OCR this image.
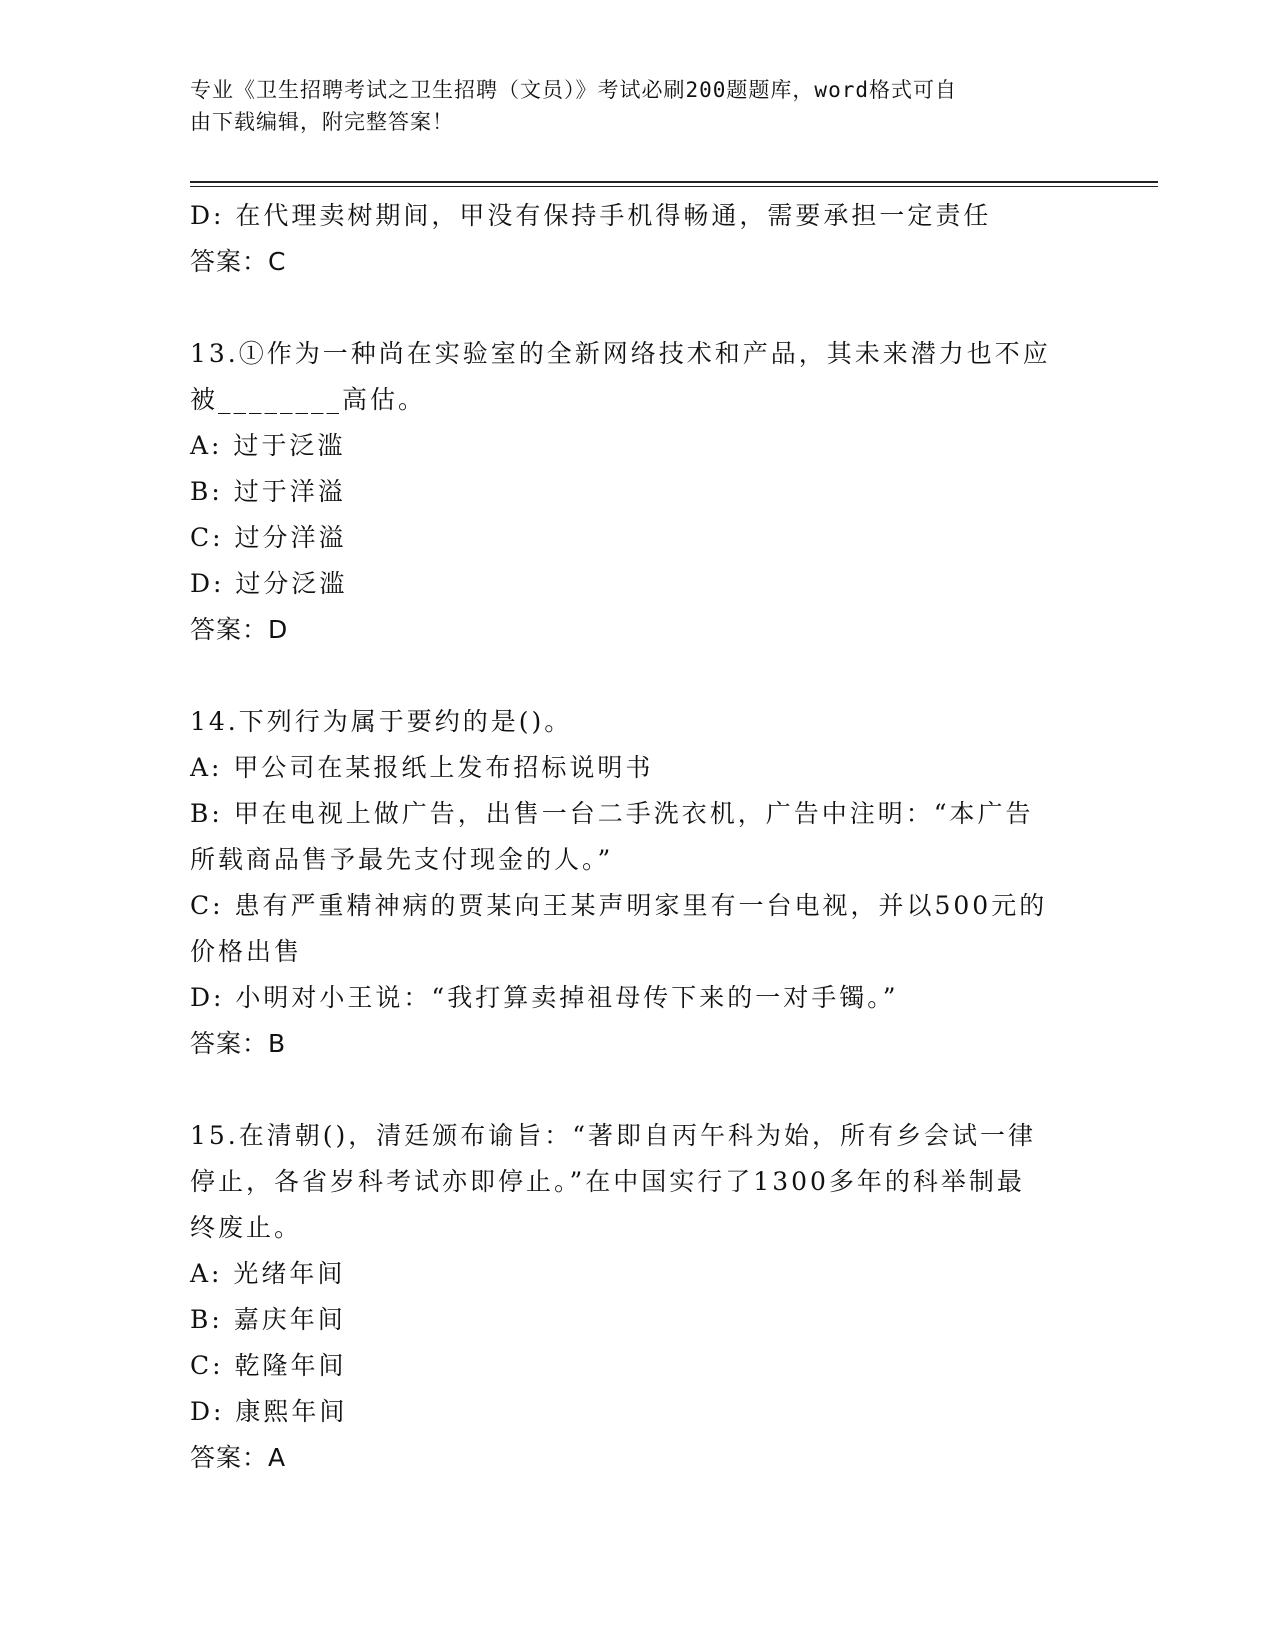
专业《卫生招聘考试之卫生招聘（文员）》考试必刷200题题库，word格式可自
由下载编辑，附完整答案！
D: 在代理卖树期间，甲没有保持手机得畅通，需要承担一定责任
答案：C
13.①作为一种尚在实验室的全新网络技术和产品，其未来潜力也不应
被________高估。
A: 过于泛滥
B: 过于洋溢
C: 过分洋溢
D: 过分泛滥
答案：D
14.下列行为属于要约的是()。
A: 甲公司在某报纸上发布招标说明书
B: 甲在电视上做广告，出售一台二手洗衣机，广告中注明：“本广告
所载商品售予最先支付现金的人。”
C: 患有严重精神病的贾某向王某声明家里有一台电视，并以500元的
价格出售
D: 小明对小王说：“我打算卖掉祖母传下来的一对手镯。”
答案：B
15.在清朝()，清廷颁布谕旨：“著即自丙午科为始，所有乡会试一律
停止，各省岁科考试亦即停止。”在中国实行了1300多年的科举制最
终废止。
A: 光绪年间
B: 嘉庆年间
C: 乾隆年间
D: 康熙年间
答案：A
